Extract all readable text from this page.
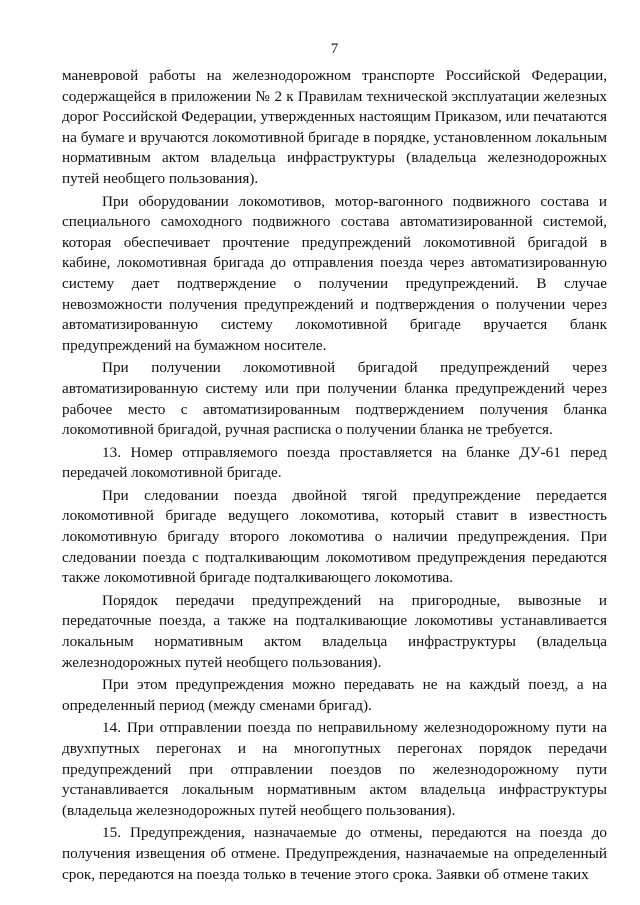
7

маневровой работы на железнодорожном транспорте Российской Федерации, содержащейся в приложении № 2 к Правилам технической эксплуатации железных дорог Российской Федерации, утвержденных настоящим Приказом, или печатаются на бумаге и вручаются локомотивной бригаде в порядке, установленном локальным нормативным актом владельца инфраструктуры (владельца железнодорожных путей необщего пользования).

При оборудовании локомотивов, мотор-вагонного подвижного состава и специального самоходного подвижного состава автоматизированной системой, которая обеспечивает прочтение предупреждений локомотивной бригадой в кабине, локомотивная бригада до отправления поезда через автоматизированную систему дает подтверждение о получении предупреждений. В случае невозможности получения предупреждений и подтверждения о получении через автоматизированную систему локомотивной бригаде вручается бланк предупреждений на бумажном носителе.

При получении локомотивной бригадой предупреждений через автоматизированную систему или при получении бланка предупреждений через рабочее место с автоматизированным подтверждением получения бланка локомотивной бригадой, ручная расписка о получении бланка не требуется.

13. Номер отправляемого поезда проставляется на бланке ДУ-61 перед передачей локомотивной бригаде.

При следовании поезда двойной тягой предупреждение передается локомотивной бригаде ведущего локомотива, который ставит в известность локомотивную бригаду второго локомотива о наличии предупреждения. При следовании поезда с подталкивающим локомотивом предупреждения передаются также локомотивной бригаде подталкивающего локомотива.

Порядок передачи предупреждений на пригородные, вывозные и передаточные поезда, а также на подталкивающие локомотивы устанавливается локальным нормативным актом владельца инфраструктуры (владельца железнодорожных путей необщего пользования).

При этом предупреждения можно передавать не на каждый поезд, а на определенный период (между сменами бригад).

14. При отправлении поезда по неправильному железнодорожному пути на двухпутных перегонах и на многопутных перегонах порядок передачи предупреждений при отправлении поездов по железнодорожному пути устанавливается локальным нормативным актом владельца инфраструктуры (владельца железнодорожных путей необщего пользования).

15. Предупреждения, назначаемые до отмены, передаются на поезда до получения извещения об отмене. Предупреждения, назначаемые на определенный срок, передаются на поезда только в течение этого срока. Заявки об отмене таких
